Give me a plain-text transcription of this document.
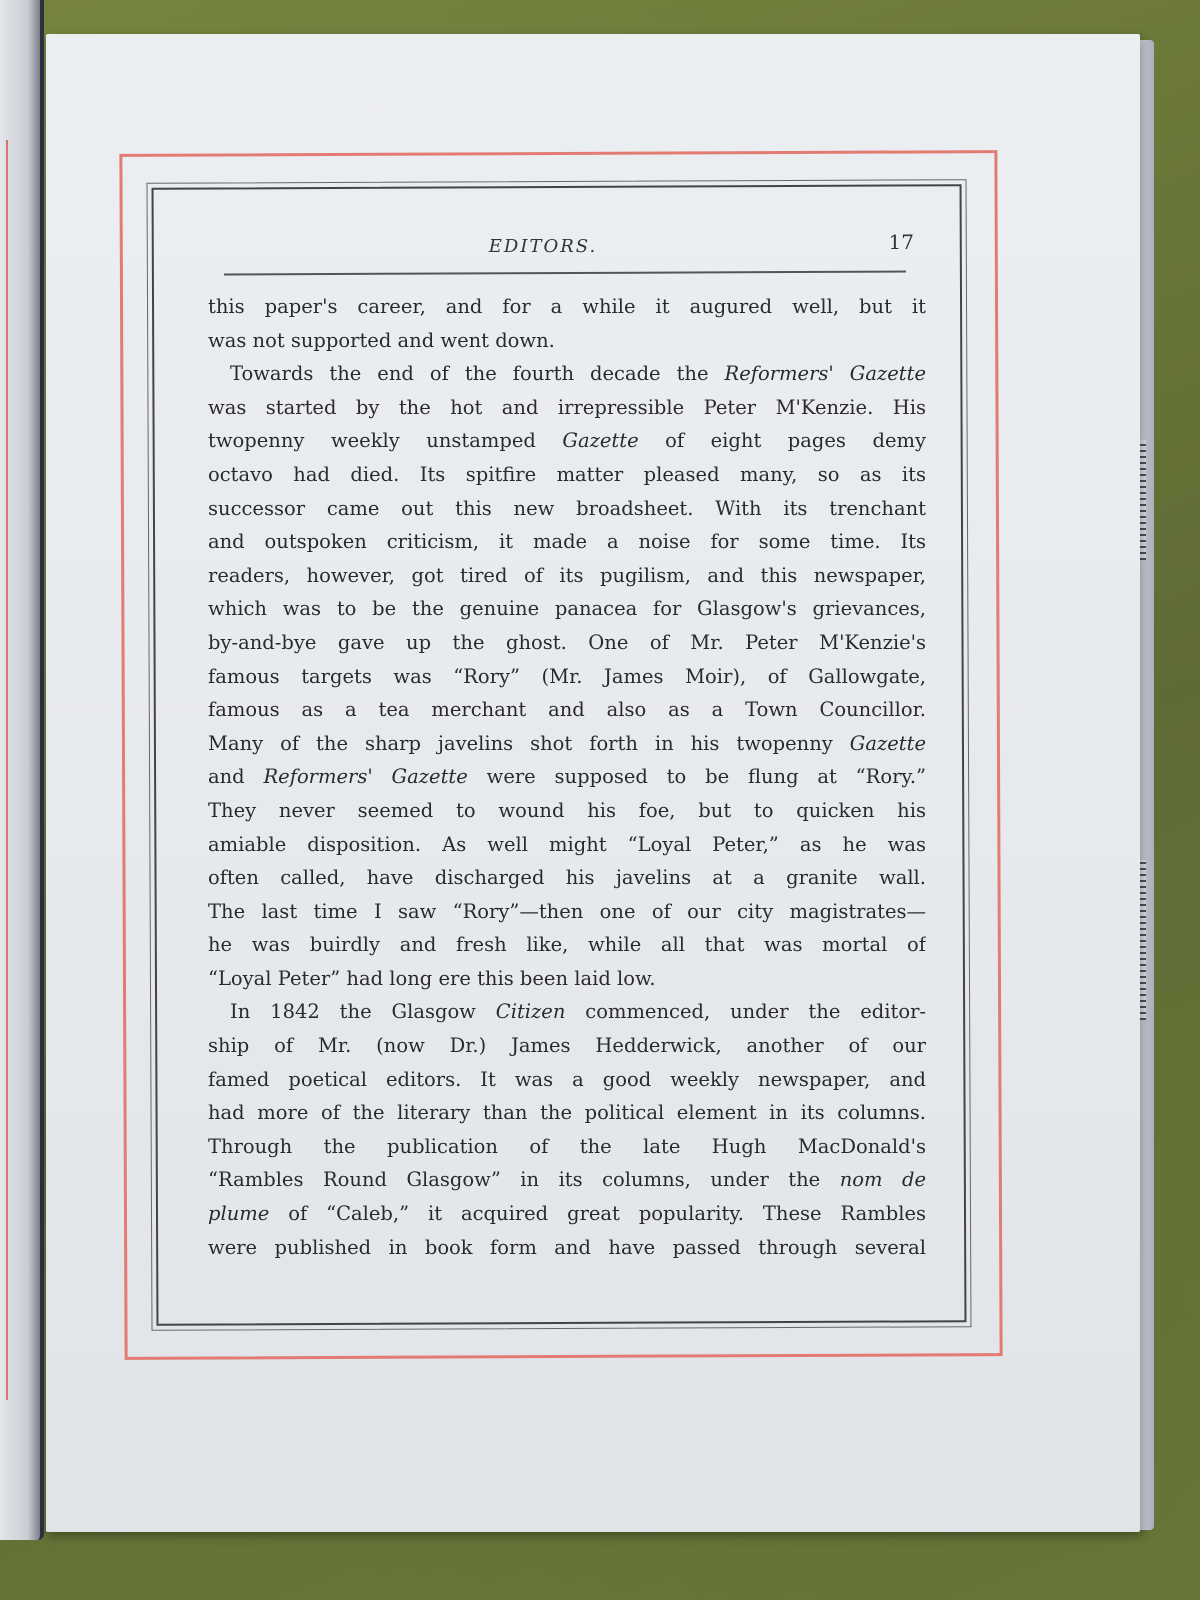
EDITORS.	17
this paper's career, and for a while it augured well, but it
was not supported and went down.
Towards the end of the fourth decade the Reformers' Gazette
was started by the hot and irrepressible Peter M'Kenzie. His
twopenny weekly unstamped Gazette of eight pages demy
octavo had died. Its spitfire matter pleased many, so as its
successor came out this new broadsheet. With its trenchant
and outspoken criticism, it made a noise for some time. Its
readers, however, got tired of its pugilism, and this newspaper,
which was to be the genuine panacea for Glasgow's grievances,
by-and-bye gave up the ghost. One of Mr. Peter M'Kenzie's
famous targets was “Rory” (Mr. James Moir), of Gallowgate,
famous as a tea merchant and also as a Town Councillor.
Many of the sharp javelins shot forth in his twopenny Gazette
and Reformers' Gazette were supposed to be flung at “Rory.”
They never seemed to wound his foe, but to quicken his
amiable disposition. As well might “Loyal Peter,” as he was
often called, have discharged his javelins at a granite wall.
The last time I saw “Rory”—then one of our city magistrates—
he was buirdly and fresh like, while all that was mortal of
“Loyal Peter” had long ere this been laid low.
In 1842 the Glasgow Citizen commenced, under the editor-
ship of Mr. (now Dr.) James Hedderwick, another of our
famed poetical editors. It was a good weekly newspaper, and
had more of the literary than the political element in its columns.
Through the publication of the late Hugh MacDonald's
“Rambles Round Glasgow” in its columns, under the nom de
plume of “Caleb,” it acquired great popularity. These Rambles
were published in book form and have passed through several
